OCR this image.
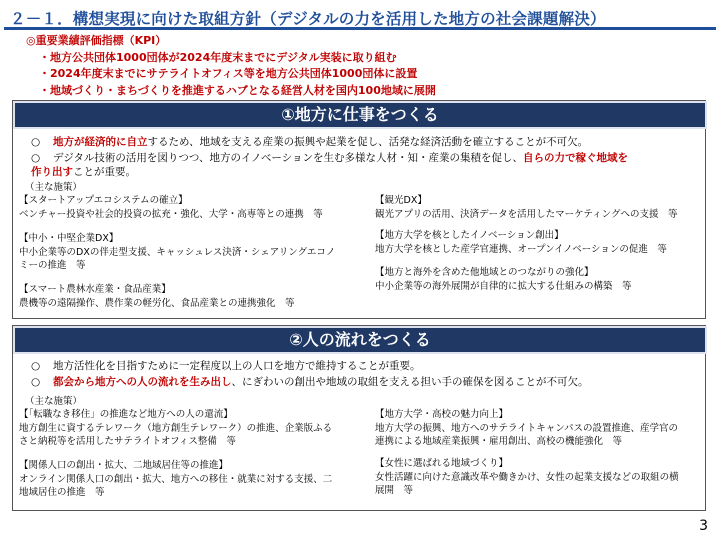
２－１．構想実現に向けた取組方針（デジタルの力を活用した地方の社会課題解決）
◎重要業績評価指標（KPI）
・地方公共団体1000団体が2024年度末までにデジタル実装に取り組む
・2024年度末までにサテライトオフィス等を地方公共団体1000団体に設置
・地域づくり・まちづくりを推進するハブとなる経営人材を国内100地域に展開
①地方に仕事をつくる
○ 地方が経済的に自立するため、地域を支える産業の振興や起業を促し、活発な経済活動を確立することが不可欠。
○ デジタル技術の活用を図りつつ、地方のイノベーションを生む多様な人材・知・産業の集積を促し、自らの力で稼ぐ地域を
作り出すことが重要。
（主な施策）
【スタートアップエコシステムの確立】
ベンチャー投資や社会的投資の拡充・強化、大学・高専等との連携　等
【中小・中堅企業DX】
中小企業等のDXの伴走型支援、キャッシュレス決済・シェアリングエコノ
ミーの推進　等
【スマート農林水産業・食品産業】
農機等の遠隔操作、農作業の軽労化、食品産業との連携強化　等
【観光DX】
観光アプリの活用、決済データを活用したマーケティングへの支援　等
【地方大学を核としたイノベーション創出】
地方大学を核とした産学官連携、オープンイノベーションの促進　等
【地方と海外を含めた他地域とのつながりの強化】
中小企業等の海外展開が自律的に拡大する仕組みの構築　等
②人の流れをつくる
○ 地方活性化を目指すために一定程度以上の人口を地方で維持することが重要。
○ 都会から地方への人の流れを生み出し、にぎわいの創出や地域の取組を支える担い手の確保を図ることが不可欠。
（主な施策）
【「転職なき移住」の推進など地方への人の還流】
地方創生に資するテレワーク（地方創生テレワーク）の推進、企業版ふる
さと納税等を活用したサテライトオフィス整備　等
【関係人口の創出・拡大、二地域居住等の推進】
オンライン関係人口の創出・拡大、地方への移住・就業に対する支援、二
地域居住の推進　等
【地方大学・高校の魅力向上】
地方大学の振興、地方へのサテライトキャンパスの設置推進、産学官の
連携による地域産業振興・雇用創出、高校の機能強化　等
【女性に選ばれる地域づくり】
女性活躍に向けた意識改革や働きかけ、女性の起業支援などの取組の横
展開　等
3
